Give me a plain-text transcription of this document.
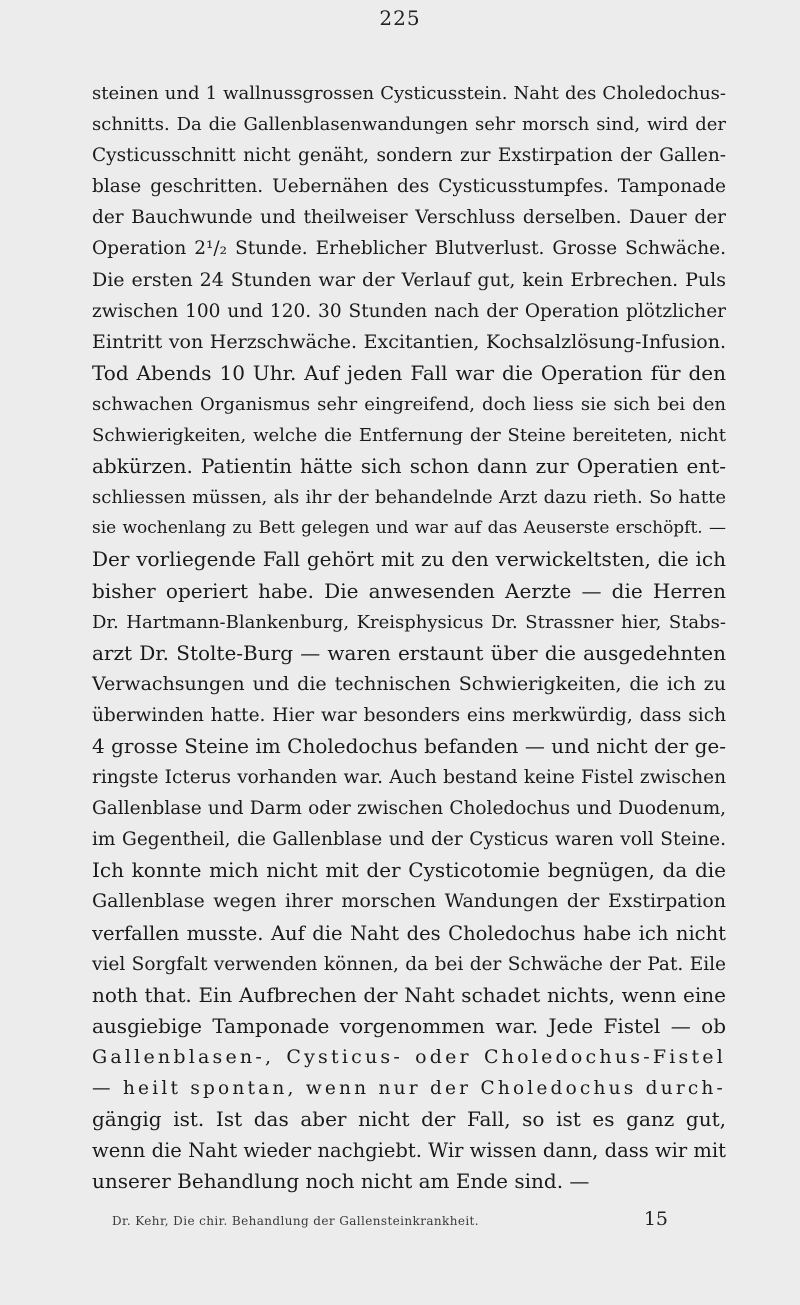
225
steinen und 1 wallnussgrossen Cysticusstein. Naht des Choledochus-
schnitts. Da die Gallenblasenwandungen sehr morsch sind, wird der
Cysticusschnitt nicht genäht, sondern zur Exstirpation der Gallen-
blase geschritten. Uebernähen des Cysticusstumpfes. Tamponade
der Bauchwunde und theilweiser Verschluss derselben. Dauer der
Operation 2¹/₂ Stunde. Erheblicher Blutverlust. Grosse Schwäche.
Die ersten 24 Stunden war der Verlauf gut, kein Erbrechen. Puls
zwischen 100 und 120. 30 Stunden nach der Operation plötzlicher
Eintritt von Herzschwäche. Excitantien, Kochsalzlösung-Infusion.
Tod Abends 10 Uhr. Auf jeden Fall war die Operation für den
schwachen Organismus sehr eingreifend, doch liess sie sich bei den
Schwierigkeiten, welche die Entfernung der Steine bereiteten, nicht
abkürzen. Patientin hätte sich schon dann zur Operatien ent-
schliessen müssen, als ihr der behandelnde Arzt dazu rieth. So hatte
sie wochenlang zu Bett gelegen und war auf das Aeuserste erschöpft. —
Der vorliegende Fall gehört mit zu den verwickeltsten, die ich
bisher operiert habe. Die anwesenden Aerzte — die Herren
Dr. Hartmann-Blankenburg, Kreisphysicus Dr. Strassner hier, Stabs-
arzt Dr. Stolte-Burg — waren erstaunt über die ausgedehnten
Verwachsungen und die technischen Schwierigkeiten, die ich zu
überwinden hatte. Hier war besonders eins merkwürdig, dass sich
4 grosse Steine im Choledochus befanden — und nicht der ge-
ringste Icterus vorhanden war. Auch bestand keine Fistel zwischen
Gallenblase und Darm oder zwischen Choledochus und Duodenum,
im Gegentheil, die Gallenblase und der Cysticus waren voll Steine.
Ich konnte mich nicht mit der Cysticotomie begnügen, da die
Gallenblase wegen ihrer morschen Wandungen der Exstirpation
verfallen musste. Auf die Naht des Choledochus habe ich nicht
viel Sorgfalt verwenden können, da bei der Schwäche der Pat. Eile
noth that. Ein Aufbrechen der Naht schadet nichts, wenn eine
ausgiebige Tamponade vorgenommen war. Jede Fistel — ob
Gallenblasen-, Cysticus- oder Choledochus-Fistel
— heilt spontan, wenn nur der Choledochus durch-
gängig ist. Ist das aber nicht der Fall, so ist es ganz gut,
wenn die Naht wieder nachgiebt. Wir wissen dann, dass wir mit
unserer Behandlung noch nicht am Ende sind. —
Dr. Kehr, Die chir. Behandlung der Gallensteinkrankheit.	15
